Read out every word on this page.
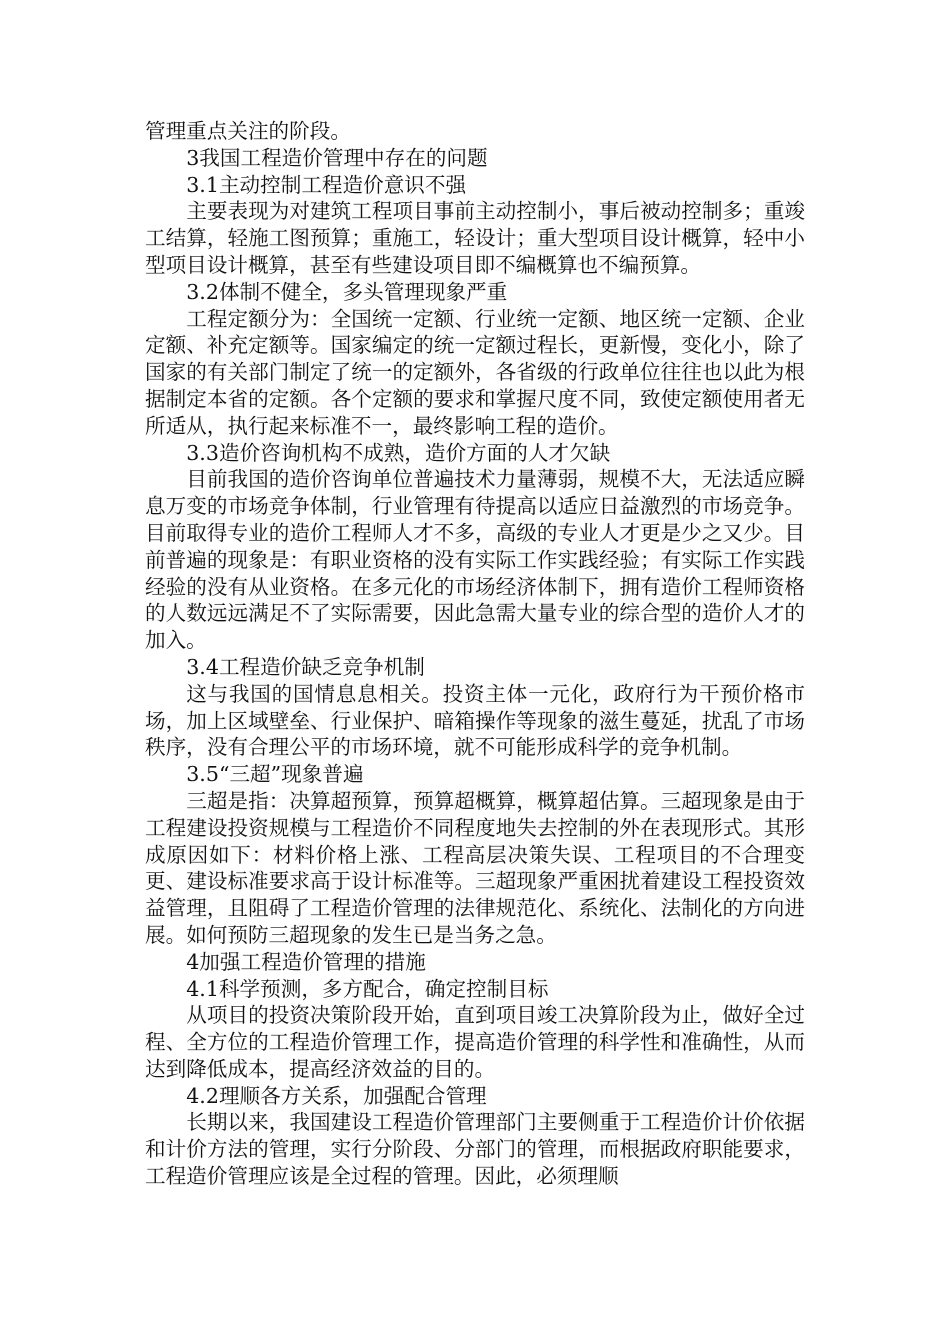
管理重点关注的阶段。

3我国工程造价管理中存在的问题

3.1主动控制工程造价意识不强

主要表现为对建筑工程项目事前主动控制小，事后被动控制多；重竣工结算，轻施工图预算；重施工，轻设计；重大型项目设计概算，轻中小型项目设计概算，甚至有些建设项目即不编概算也不编预算。

3.2体制不健全，多头管理现象严重

工程定额分为：全国统一定额、行业统一定额、地区统一定额、企业定额、补充定额等。国家编定的统一定额过程长，更新慢，变化小，除了国家的有关部门制定了统一的定额外，各省级的行政单位往往也以此为根据制定本省的定额。各个定额的要求和掌握尺度不同，致使定额使用者无所适从，执行起来标准不一，最终影响工程的造价。

3.3造价咨询机构不成熟，造价方面的人才欠缺

目前我国的造价咨询单位普遍技术力量薄弱，规模不大，无法适应瞬息万变的市场竞争体制，行业管理有待提高以适应日益激烈的市场竞争。目前取得专业的造价工程师人才不多，高级的专业人才更是少之又少。目前普遍的现象是：有职业资格的没有实际工作实践经验；有实际工作实践经验的没有从业资格。在多元化的市场经济体制下，拥有造价工程师资格的人数远远满足不了实际需要，因此急需大量专业的综合型的造价人才的加入。

3.4工程造价缺乏竞争机制

这与我国的国情息息相关。投资主体一元化，政府行为干预价格市场，加上区域壁垒、行业保护、暗箱操作等现象的滋生蔓延，扰乱了市场秩序，没有合理公平的市场环境，就不可能形成科学的竞争机制。

3.5“三超”现象普遍

三超是指：决算超预算，预算超概算，概算超估算。三超现象是由于工程建设投资规模与工程造价不同程度地失去控制的外在表现形式。其形成原因如下：材料价格上涨、工程高层决策失误、工程项目的不合理变更、建设标准要求高于设计标准等。三超现象严重困扰着建设工程投资效益管理，且阻碍了工程造价管理的法律规范化、系统化、法制化的方向进展。如何预防三超现象的发生已是当务之急。

4加强工程造价管理的措施

4.1科学预测，多方配合，确定控制目标

从项目的投资决策阶段开始，直到项目竣工决算阶段为止，做好全过程、全方位的工程造价管理工作，提高造价管理的科学性和准确性，从而达到降低成本，提高经济效益的目的。

4.2理顺各方关系，加强配合管理

长期以来，我国建设工程造价管理部门主要侧重于工程造价计价依据和计价方法的管理，实行分阶段、分部门的管理，而根据政府职能要求，工程造价管理应该是全过程的管理。因此，必须理顺
